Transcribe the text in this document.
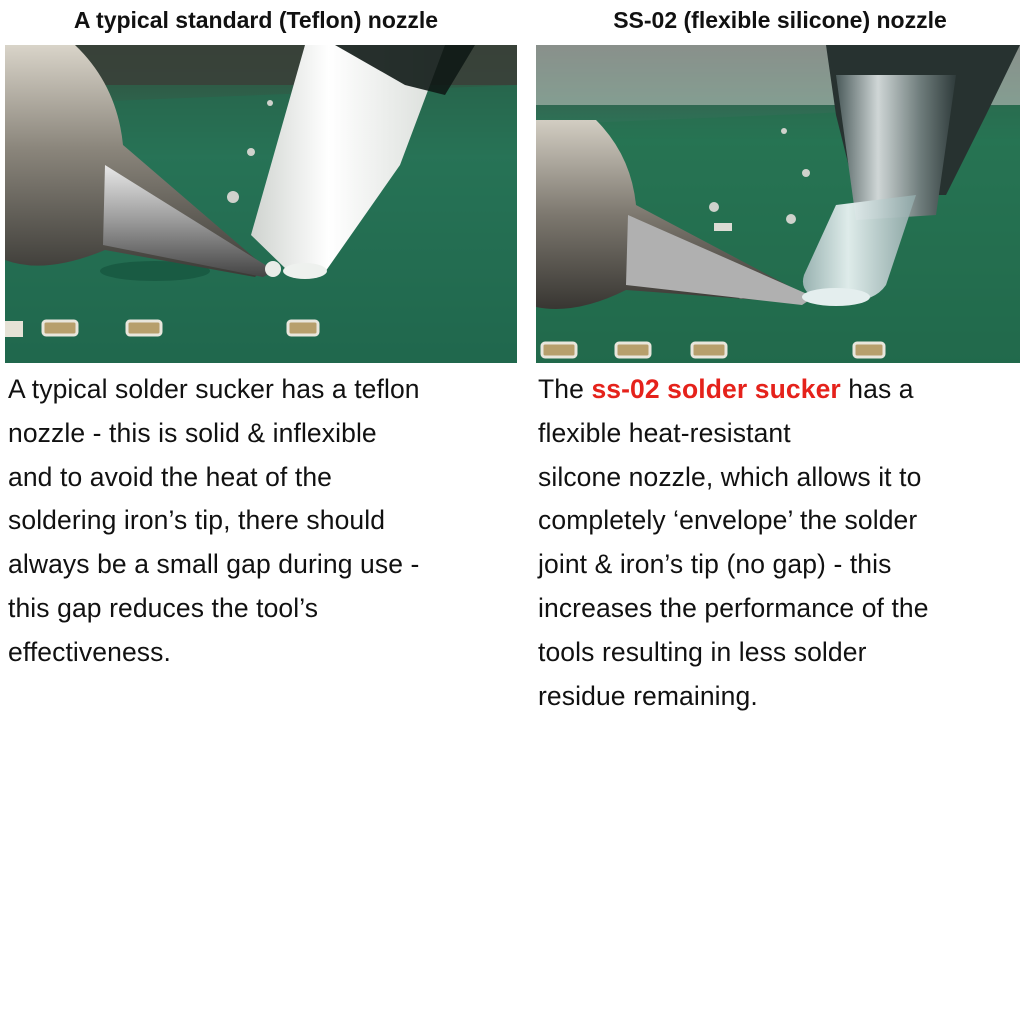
A typical standard (Teflon) nozzle
A typical solder sucker has a teflon
nozzle - this is solid & inflexible
and to avoid the heat of the
soldering iron’s tip, there should
always be a small gap during use -
this gap reduces the tool’s
effectiveness.
SS-02 (flexible silicone) nozzle
The ss-02 solder sucker has a
flexible heat-resistant
silcone nozzle, which allows it to
completely ‘envelope’ the solder
joint & iron’s tip (no gap) - this
increases the performance of the
tools resulting in less solder
residue remaining.
